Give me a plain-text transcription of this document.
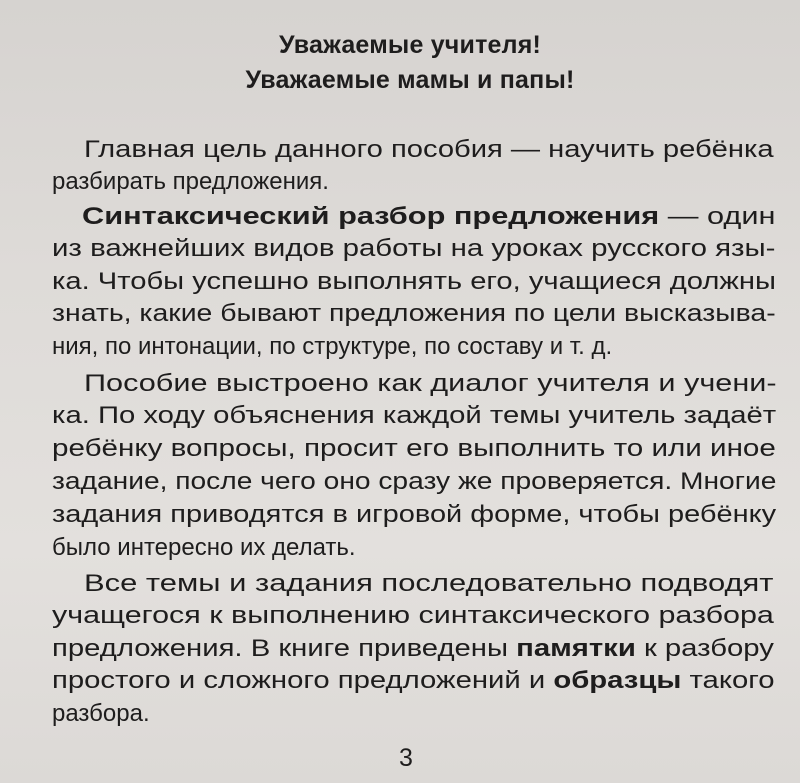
Уважаемые учителя!
Уважаемые мамы и папы!
Главная цель данного пособия — научить ребёнка
разбирать предложения.
Синтаксический разбор предложения — один
из важнейших видов работы на уроках русского язы-
ка. Чтобы успешно выполнять его, учащиеся должны
знать, какие бывают предложения по цели высказыва-
ния, по интонации, по структуре, по составу и т. д.
Пособие выстроено как диалог учителя и учени-
ка. По ходу объяснения каждой темы учитель задаёт
ребёнку вопросы, просит его выполнить то или иное
задание, после чего оно сразу же проверяется. Многие
задания приводятся в игровой форме, чтобы ребёнку
было интересно их делать.
Все темы и задания последовательно подводят
учащегося к выполнению синтаксического разбора
предложения. В книге приведены памятки к разбору
простого и сложного предложений и образцы такого
разбора.
3
